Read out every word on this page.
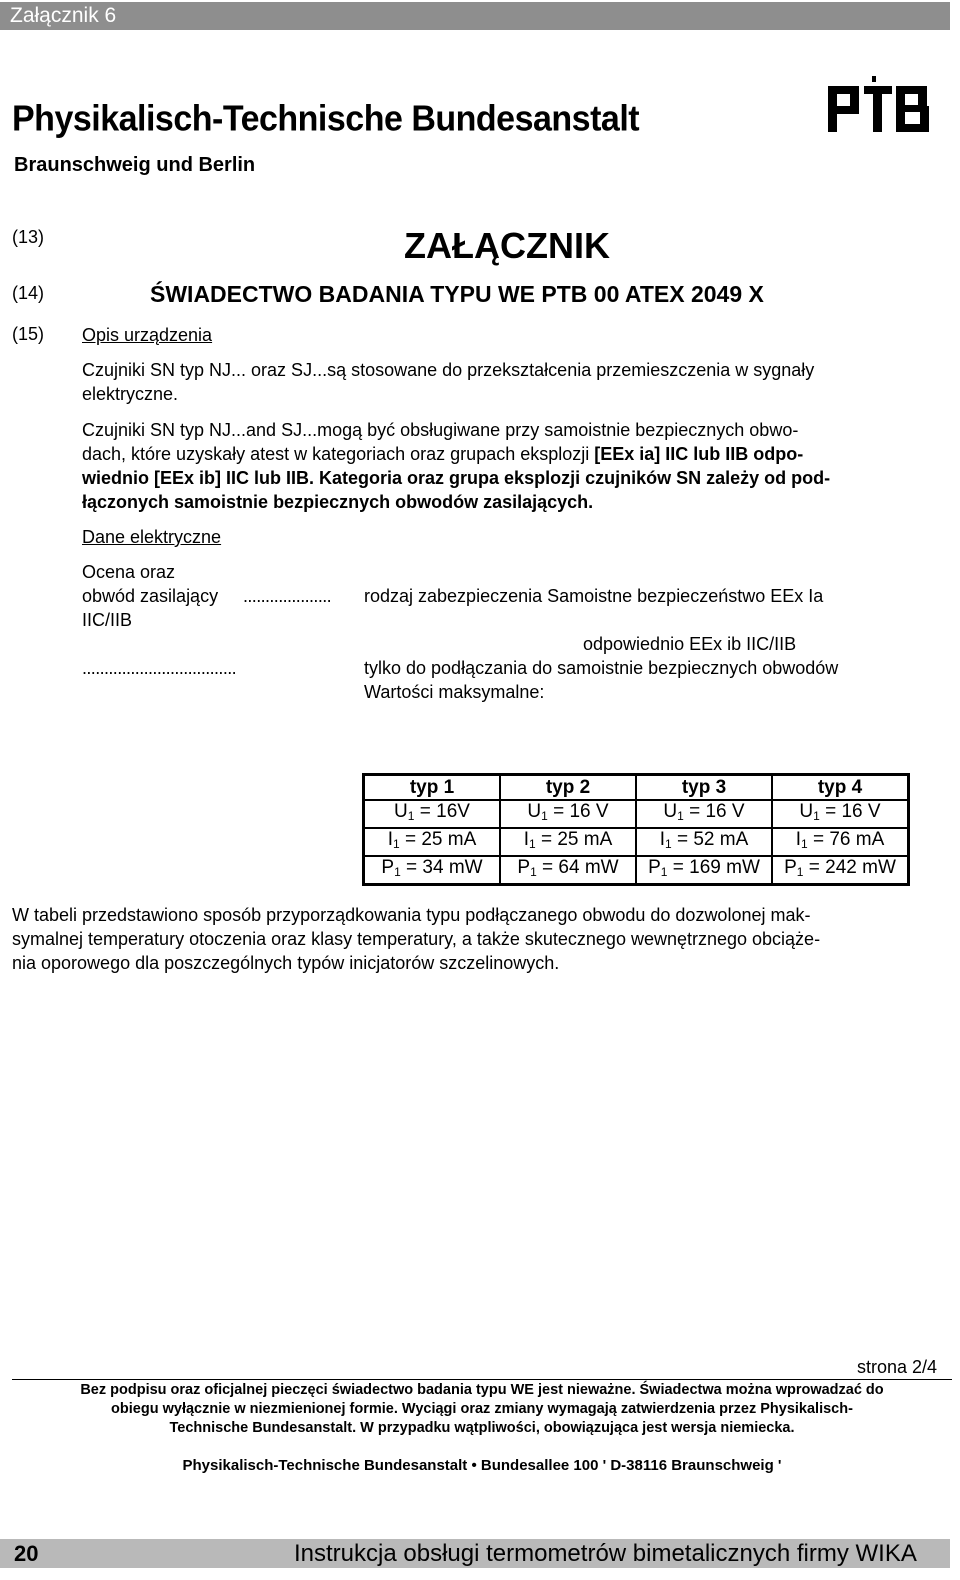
Załącznik 6
Physikalisch-Technische Bundesanstalt
Braunschweig und Berlin
(13)	ZAŁĄCZNIK
(14)	ŚWIADECTWO BADANIA TYPU WE PTB 00 ATEX 2049 X
(15) Opis urządzenia
Czujniki SN typ NJ... oraz SJ...są stosowane do przekształcenia przemieszczenia w sygnały
elektryczne.
Czujniki SN typ NJ...and SJ...mogą być obsługiwane przy samoistnie bezpiecznych obwo-
dach, które uzyskały atest w kategoriach oraz grupach eksplozji [EEx ia] IIC lub IIB odpo-
wiednio [EEx ib] IIC lub IIB. Kategoria oraz grupa eksplozji czujników SN zależy od pod-
łączonych samoistnie bezpiecznych obwodów zasilających.
Dane elektryczne
Ocena oraz
obwód zasilający .................... rodzaj zabezpieczenia Samoistne bezpieczeństwo EEx Ia
IIC/IIB
odpowiednio EEx ib IIC/IIB
...................................	tylko do podłączania do samoistnie bezpiecznych obwodów
Wartości maksymalne:
typ 1	typ 2	typ 3	typ 4
$U_1 = 16V$	$U_1 = 16$ V	$U_1 = 16$ V	$U_1 = 16$ V
$I_1 = 25$ mA	$I_1 = 25$ mA	$I_1 = 52$ mA	$I_1 = 76$ mA
$P_1 = 34$ mW	$P_1 = 64$ mW	$P_1 = 169$ mW	$P_1 = 242$ mW
W tabeli przedstawiono sposób przyporządkowania typu podłączanego obwodu do dozwolonej mak-
symalnej temperatury otoczenia oraz klasy temperatury, a także skutecznego wewnętrznego obciąże-
nia oporowego dla poszczególnych typów inicjatorów szczelinowych.
strona 2/4
Bez podpisu oraz oficjalnej pieczęci świadectwo badania typu WE jest nieważne. Świadectwa można wprowadzać do
obiegu wyłącznie w niezmienionej formie. Wyciągi oraz zmiany wymagają zatwierdzenia przez Physikalisch-
Technische Bundesanstalt. W przypadku wątpliwości, obowiązująca jest wersja niemiecka.
Physikalisch-Technische Bundesanstalt • Bundesallee 100 ' D-38116 Braunschweig '
20	Instrukcja obsługi termometrów bimetalicznych firmy WIKA
